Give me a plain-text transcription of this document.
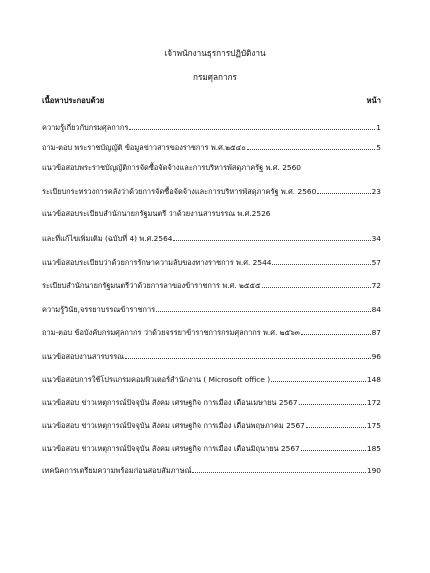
เจ้าพนักงานธุรการปฏิบัติงาน
กรมศุลกากร
เนื้อหาประกอบด้วย	หน้า
ความรู้เกี่ยวกับกรมศุลกากร	1
ถาม-ตอบ พระราชบัญญัติ ข้อมูลข่าวสารของราชการ พ.ศ.๒๕๔๐	5
แนวข้อสอบพระราชบัญญัติการจัดซื้อจัดจ้างและการบริหารพัสดุภาครัฐ พ.ศ. 2560
ระเบียบกระทรวงการคลังว่าด้วยการจัดซื้อจัดจ้างและการบริหารพัสดุภาครัฐ พ.ศ. 2560	23
แนวข้อสอบระเบียบสำนักนายกรัฐมนตรี ว่าด้วยงานสารบรรณ พ.ศ.2526
และที่แก้ไขเพิ่มเติม (ฉบับที่ 4) พ.ศ.2564	34
แนวข้อสอบระเบียบว่าด้วยการรักษาความลับของทางราชการ พ.ศ. 2544	57
ระเบียบสำนักนายกรัฐมนตรีว่าด้วยการลาของข้าราชการ พ.ศ. ๒๕๕๕	72
ความรู้วินัย,จรรยาบรรณข้าราชการ	84
ถาม-ตอบ ข้อบังคับกรมศุลกากร ว่าด้วยจรรยาข้าราชการกรมศุลกากร พ.ศ. ๒๕๖๓	87
แนวข้อสอบงานสารบรรณ	96
แนวข้อสอบการใช้โปรแกรมคอมพิวเตอร์สำนักงาน ( Microsoft office )	148
แนวข้อสอบ ข่าวเหตุการณ์ปัจจุบัน สังคม เศรษฐกิจ การเมือง เดือนเมษายน 2567	172
แนวข้อสอบ ข่าวเหตุการณ์ปัจจุบัน สังคม เศรษฐกิจ การเมือง เดือนพฤษภาคม 2567	175
แนวข้อสอบ ข่าวเหตุการณ์ปัจจุบัน สังคม เศรษฐกิจ การเมือง เดือนมิถุนายน 2567	185
เทคนิคการเตรียมความพร้อมก่อนสอบสัมภาษณ์	190
